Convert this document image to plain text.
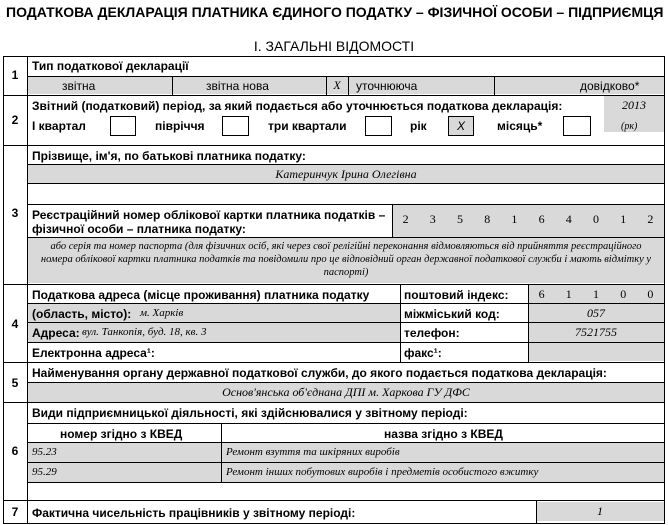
ПОДАТКОВА ДЕКЛАРАЦІЯ ПЛАТНИКА ЄДИНОГО ПОДАТКУ – ФІЗИЧНОЇ ОСОБИ – ПІДПРИЄМЦЯ
І. ЗАГАЛЬНІ ВІДОМОСТІ
1
Тип податкової декларації
звітна	звітна нова	X	уточнююча	довідково*
2
Звітний (податковий) період, за який подається або уточнюється податкова декларація:	2013
І квартал	півріччя	три квартали	рік	X	місяць*	(рк)
3
Прізвище, ім'я, по батькові платника податку:
Катеринчук Ірина Олегівна
Реєстраційний номер облікової картки платника податків –
фізичної особи – платника податку:
2	3	5	8	1	6	4	0	1	2
або серія та номер паспорта (для фізичних осіб, які через свої релігійні переконання відмовляються від прийняття реєстраційного номера облікової картки платника податків та повідомили про це відповідний орган державної податкової служби і мають відмітку у паспорті)
4
Податкова адреса (місце проживання) платника податку	поштовий індекс:	6	1	1	0	0
(область, місто): м. Харків	міжміський код:	057
Адреса: вул. Танкопія, буд. 18, кв. 3	телефон:	7521755
Електронна адреса¹:	факс¹:
5
Найменування органу державної податкової служби, до якого подається податкова декларація:
Основ'янська об'єднана ДПІ м. Харкова ГУ ДФС
6
Види підприємницької діяльності, які здійснювалися у звітному періоді:
номер згідно з КВЕД	назва згідно з КВЕД
95.23	Ремонт взуття та шкіряних виробів
95.29	Ремонт інших побутових виробів і предметів особистого вжитку
7	Фактична чисельність працівників у звітному періоді:	1
